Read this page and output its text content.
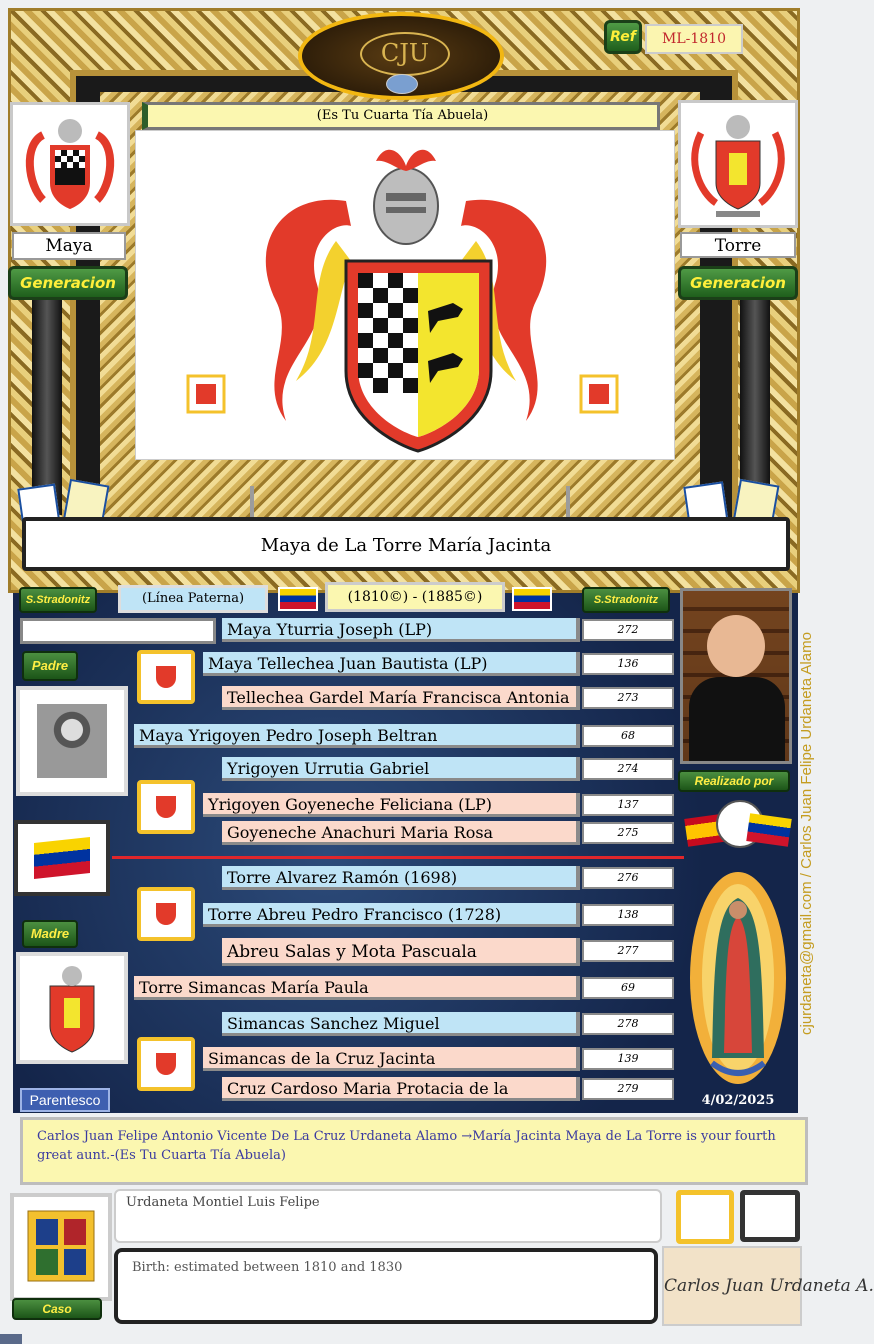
CJU
Ref	ML-1810
(Es Tu Cuarta Tía Abuela)
Maya
Generacion
Torre
Generacion
Maya de La Torre María Jacinta
S.Stradonitz	(Línea Paterna)	(1810©) - (1885©)	S.Stradonitz
Maya Yturria Joseph (LP)	272
Maya Tellechea Juan Bautista (LP)	136
Tellechea Gardel María Francisca Antonia	273
Maya Yrigoyen Pedro Joseph Beltran	68
Yrigoyen Urrutia Gabriel	274
Yrigoyen Goyeneche Feliciana (LP)	137
Goyeneche Anachuri Maria Rosa	275
Torre Alvarez Ramón (1698)	276
Torre Abreu Pedro Francisco (1728)	138
Abreu Salas y Mota Pascuala	277
Torre Simancas María Paula	69
Simancas Sanchez Miguel	278
Simancas de la Cruz Jacinta	139
Cruz Cardoso Maria Protacia de la	279
Padre
Madre
Parentesco
Realizado por
4/02/2025
cjurdaneta@gmail.com / Carlos Juan Felipe Urdaneta Alamo
Carlos Juan Felipe Antonio Vicente De La Cruz Urdaneta Alamo →María Jacinta Maya de La Torre is your fourth great aunt.-(Es Tu Cuarta Tía Abuela)
Caso
Urdaneta Montiel Luis Felipe
Birth: estimated between 1810 and 1830
Carlos Juan Urdaneta A.
